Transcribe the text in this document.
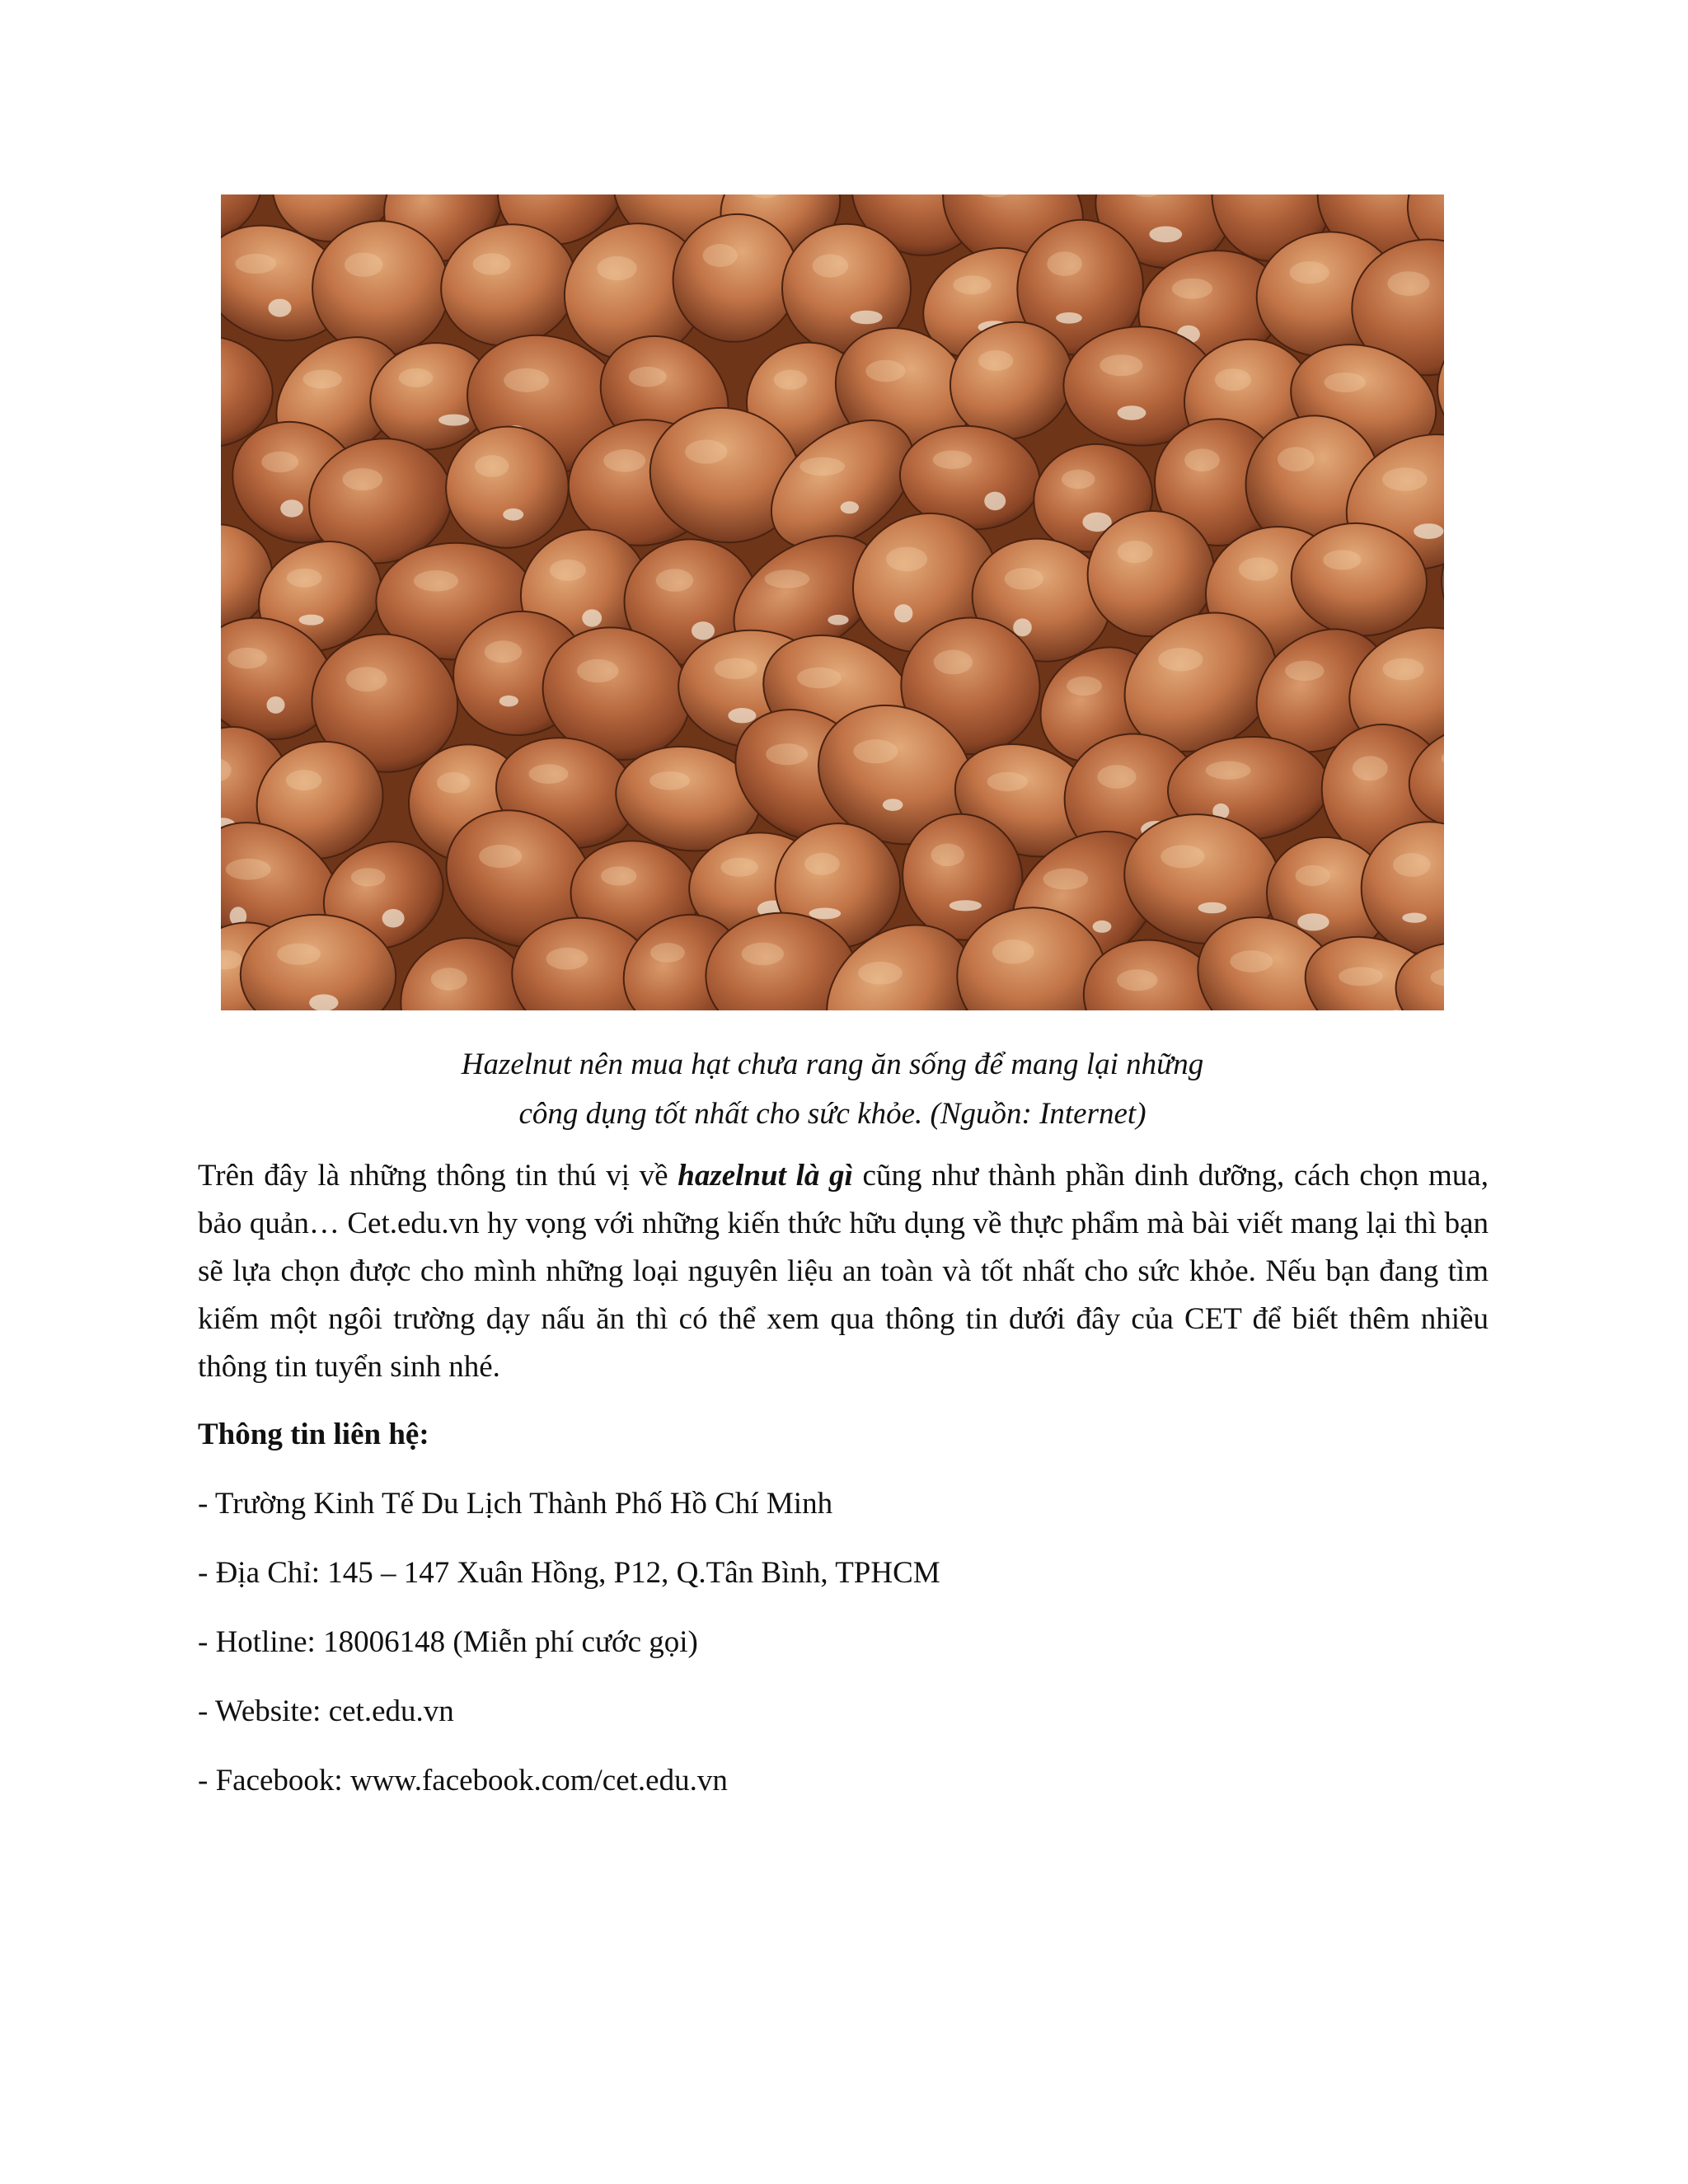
Hazelnut nên mua hạt chưa rang ăn sống để mang lại những
công dụng tốt nhất cho sức khỏe. (Nguồn: Internet)

Trên đây là những thông tin thú vị về hazelnut là gì cũng như thành phần dinh dưỡng, cách chọn mua, bảo quản… Cet.edu.vn hy vọng với những kiến thức hữu dụng về thực phẩm mà bài viết mang lại thì bạn sẽ lựa chọn được cho mình những loại nguyên liệu an toàn và tốt nhất cho sức khỏe. Nếu bạn đang tìm kiếm một ngôi trường dạy nấu ăn thì có thể xem qua thông tin dưới đây của CET để biết thêm nhiều thông tin tuyển sinh nhé.

Thông tin liên hệ:
- Trường Kinh Tế Du Lịch Thành Phố Hồ Chí Minh
- Địa Chỉ: 145 – 147 Xuân Hồng, P12, Q.Tân Bình, TPHCM
- Hotline: 18006148 (Miễn phí cước gọi)
- Website: cet.edu.vn
- Facebook: www.facebook.com/cet.edu.vn
